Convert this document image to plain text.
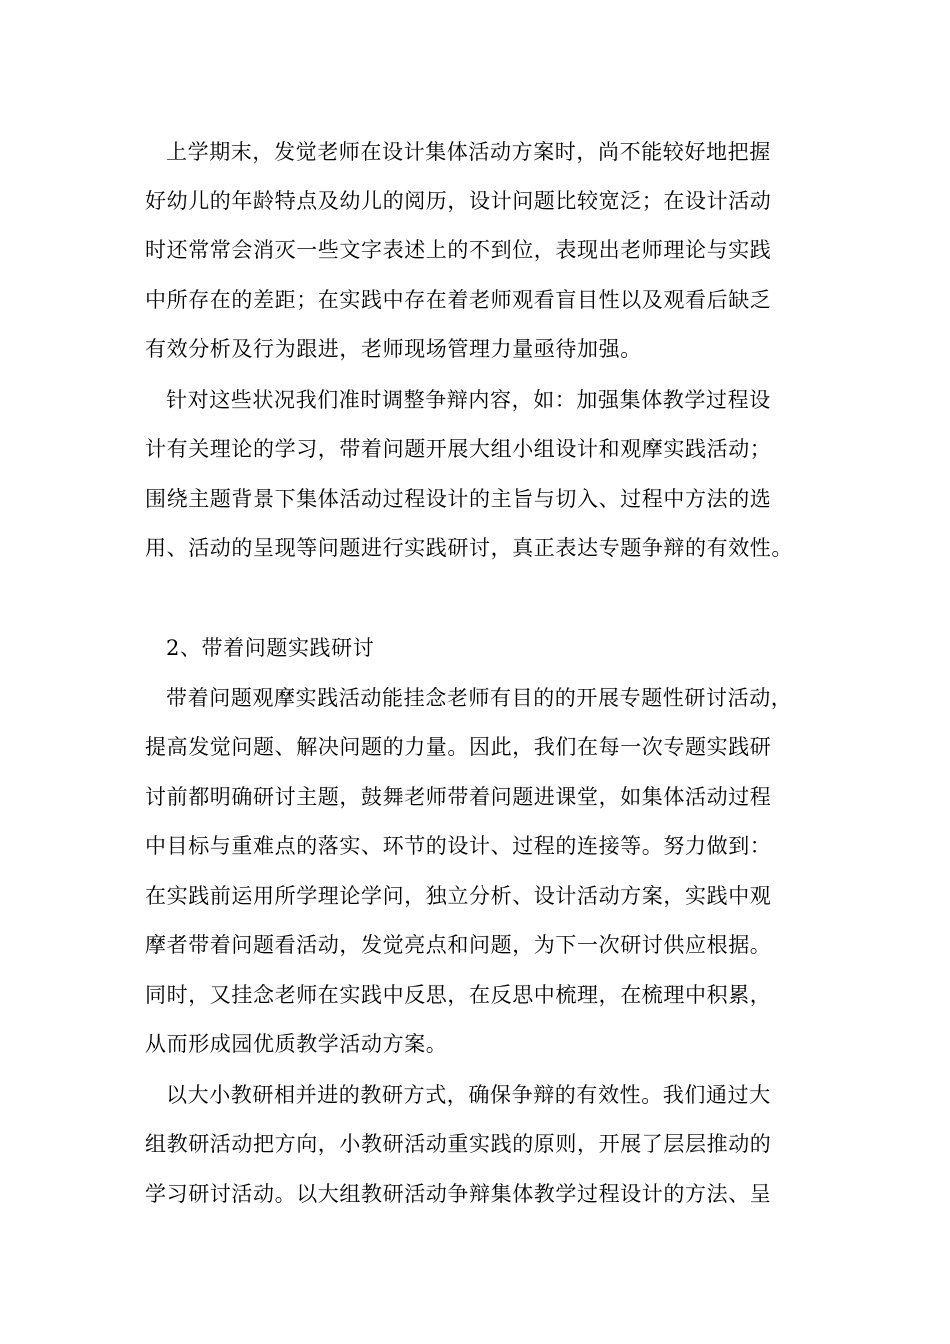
上学期末，发觉老师在设计集体活动方案时，尚不能较好地把握
好幼儿的年龄特点及幼儿的阅历，设计问题比较宽泛；在设计活动
时还常常会消灭一些文字表述上的不到位，表现出老师理论与实践
中所存在的差距；在实践中存在着老师观看盲目性以及观看后缺乏
有效分析及行为跟进，老师现场管理力量亟待加强。
针对这些状况我们准时调整争辩内容，如：加强集体教学过程设
计有关理论的学习，带着问题开展大组小组设计和观摩实践活动；
围绕主题背景下集体活动过程设计的主旨与切入、过程中方法的选
用、活动的呈现等问题进行实践研讨，真正表达专题争辩的有效性。
2、带着问题实践研讨
带着问题观摩实践活动能挂念老师有目的的开展专题性研讨活动，
提高发觉问题、解决问题的力量。因此，我们在每一次专题实践研
讨前都明确研讨主题，鼓舞老师带着问题进课堂，如集体活动过程
中目标与重难点的落实、环节的设计、过程的连接等。努力做到：
在实践前运用所学理论学问，独立分析、设计活动方案，实践中观
摩者带着问题看活动，发觉亮点和问题，为下一次研讨供应根据。
同时，又挂念老师在实践中反思，在反思中梳理，在梳理中积累，
从而形成园优质教学活动方案。
以大小教研相并进的教研方式，确保争辩的有效性。我们通过大
组教研活动把方向，小教研活动重实践的原则，开展了层层推动的
学习研讨活动。以大组教研活动争辩集体教学过程设计的方法、呈
